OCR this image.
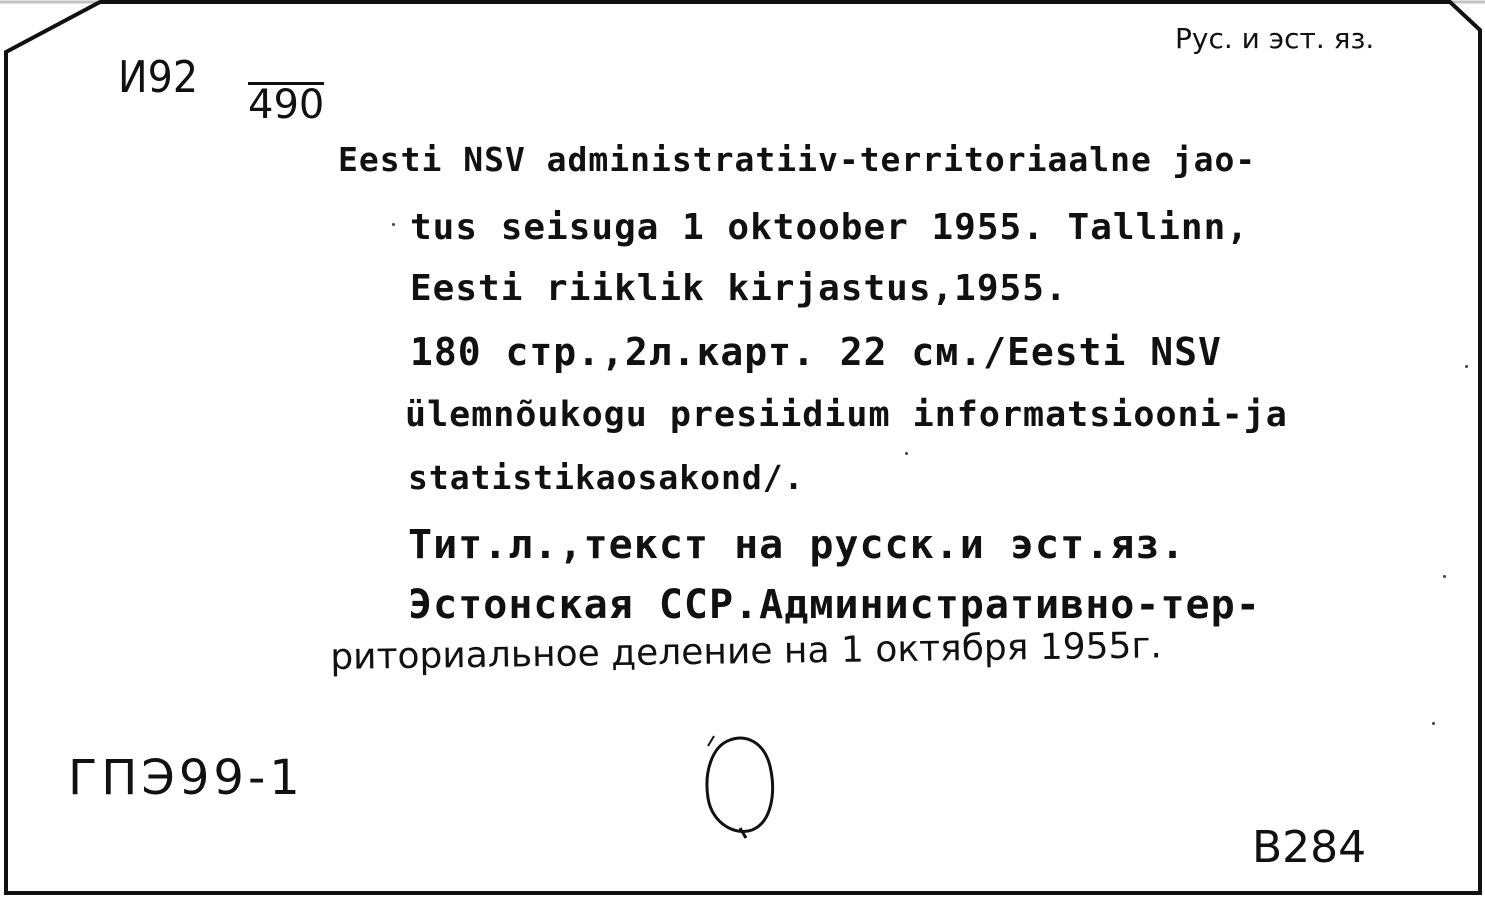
И92
490
Рус. и эст. яз.
Eesti NSV administratiiv-territoriaalne jao-
tus seisuga 1 oktoober 1955. Tallinn,
Eesti riiklik kirjastus,1955.
180 стр.,2л.карт. 22 см./Eesti NSV
ülemnõukogu presiidium informatsiooni-ja
statistikaosakond/.
Тит.л.,текст на русск.и эст.яз.
Эстонская ССР.Административно-тер-
риториальное деление на 1 октября 1955г.
ГПЭ99-1
В284
